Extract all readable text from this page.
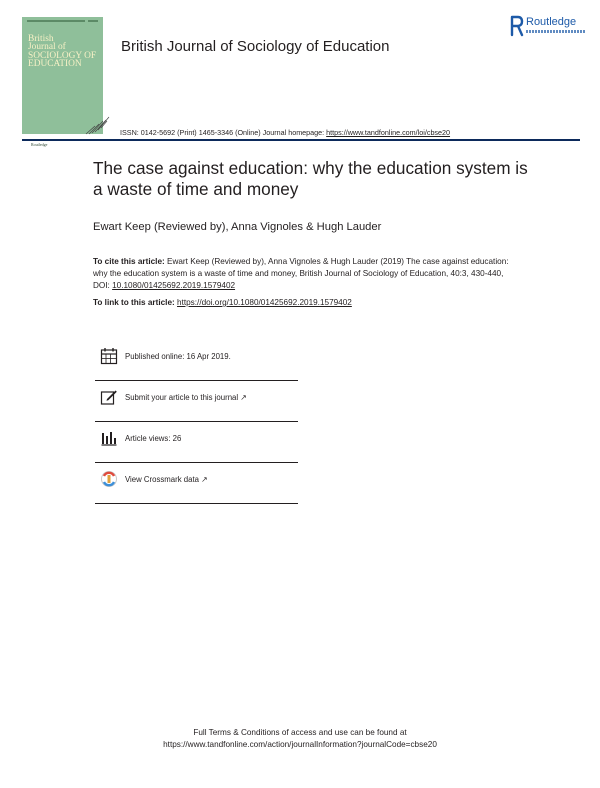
British
Journal of
SOCIOLOGY OF
EDUCATION
Routledge
British Journal of Sociology of Education
Routledge
ISSN: 0142-5692 (Print) 1465-3346 (Online) Journal homepage: https://www.tandfonline.com/loi/cbse20
The case against education: why the education system is a waste of time and money
Ewart Keep (Reviewed by), Anna Vignoles & Hugh Lauder
To cite this article: Ewart Keep (Reviewed by), Anna Vignoles & Hugh Lauder (2019) The case against education: why the education system is a waste of time and money, British Journal of Sociology of Education, 40:3, 430-440, DOI: 10.1080/01425692.2019.1579402
To link to this article: https://doi.org/10.1080/01425692.2019.1579402
Published online: 16 Apr 2019.
Submit your article to this journal ↗
Article views: 26
View Crossmark data ↗
Full Terms & Conditions of access and use can be found at
https://www.tandfonline.com/action/journalInformation?journalCode=cbse20
